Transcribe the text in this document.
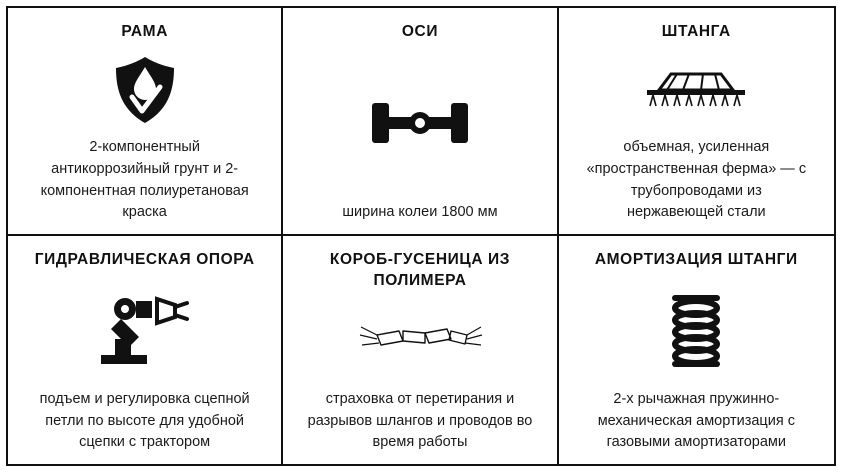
РАМА
2-компонентный антикоррозийный грунт и 2-компонентная полиуретановая краска
ОСИ
ширина колеи 1800 мм
ШТАНГА
объемная, усиленная «пространственная ферма» — с трубопроводами из нержавеющей стали
ГИДРАВЛИЧЕСКАЯ ОПОРА
подъем и регулировка сцепной петли по высоте для удобной сцепки с трактором
КОРОБ-ГУСЕНИЦА ИЗ ПОЛИМЕРА
страховка от перетирания и разрывов шлангов и проводов во время работы
АМОРТИЗАЦИЯ ШТАНГИ
2-х рычажная пружинно-механическая амортизация с газовыми амортизаторами
